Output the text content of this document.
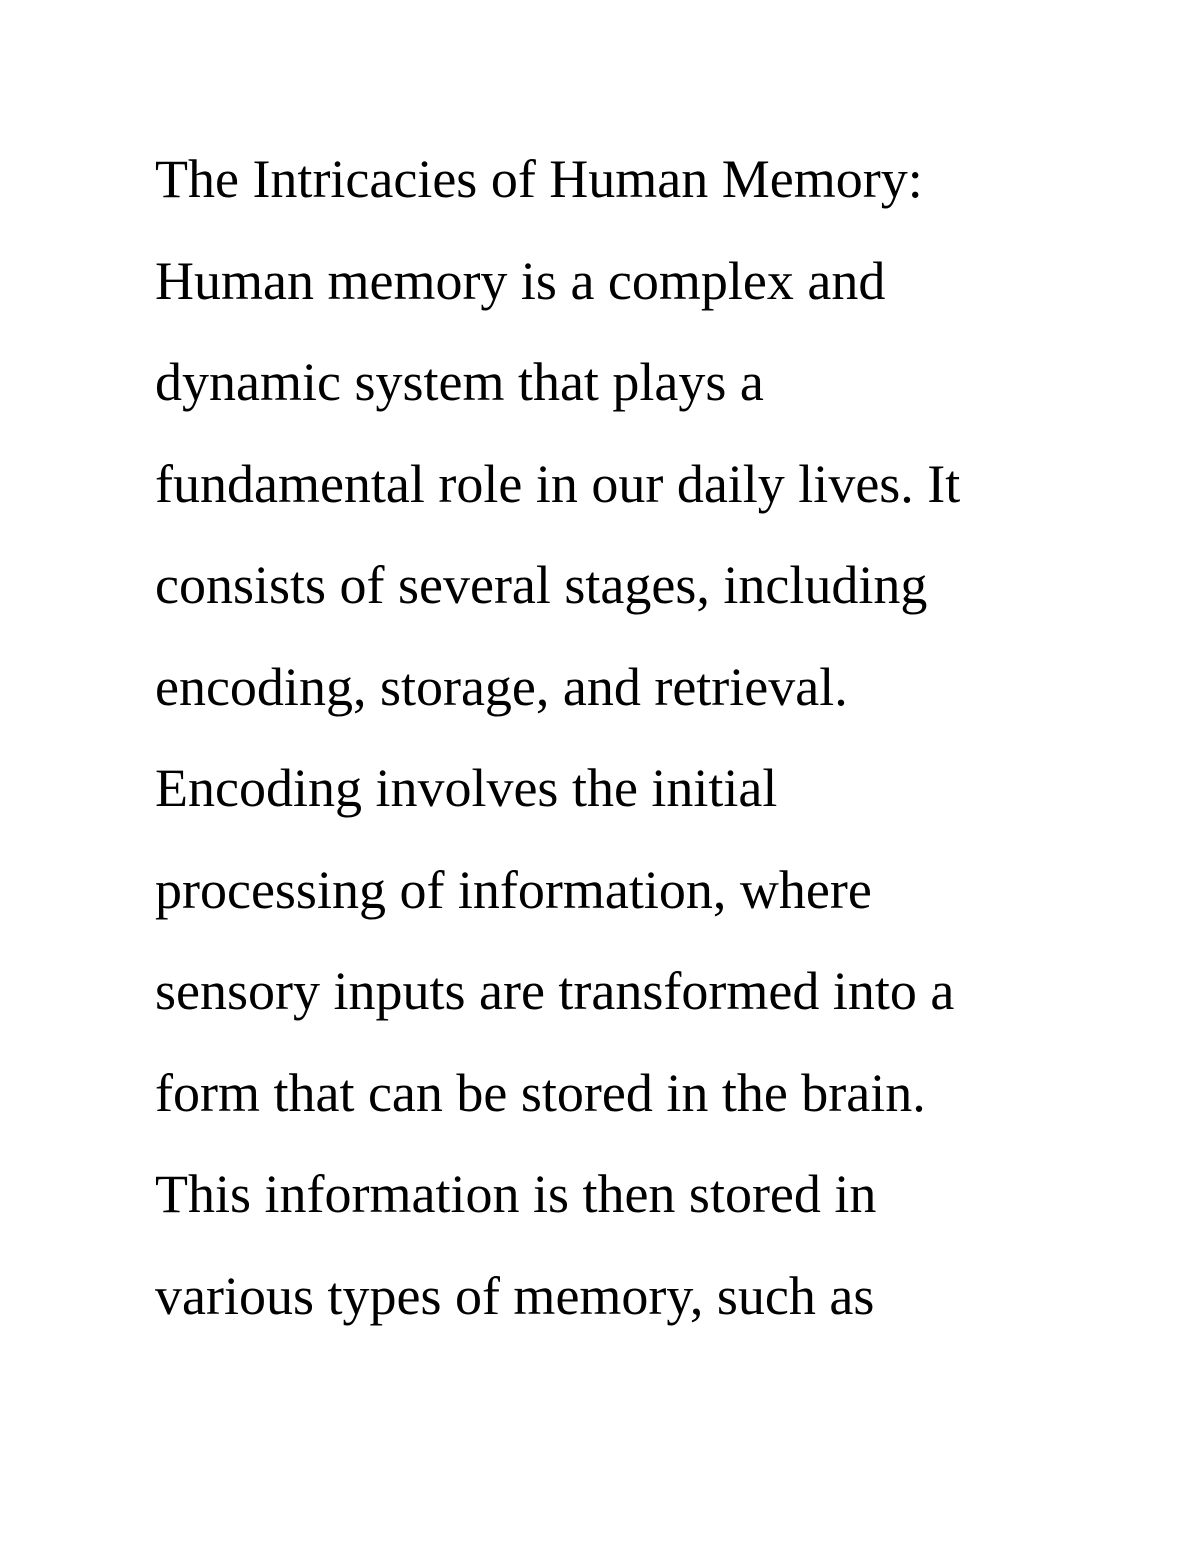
The Intricacies of Human Memory:
Human memory is a complex and
dynamic system that plays a
fundamental role in our daily lives. It
consists of several stages, including
encoding, storage, and retrieval.
Encoding involves the initial
processing of information, where
sensory inputs are transformed into a
form that can be stored in the brain.
This information is then stored in
various types of memory, such as
